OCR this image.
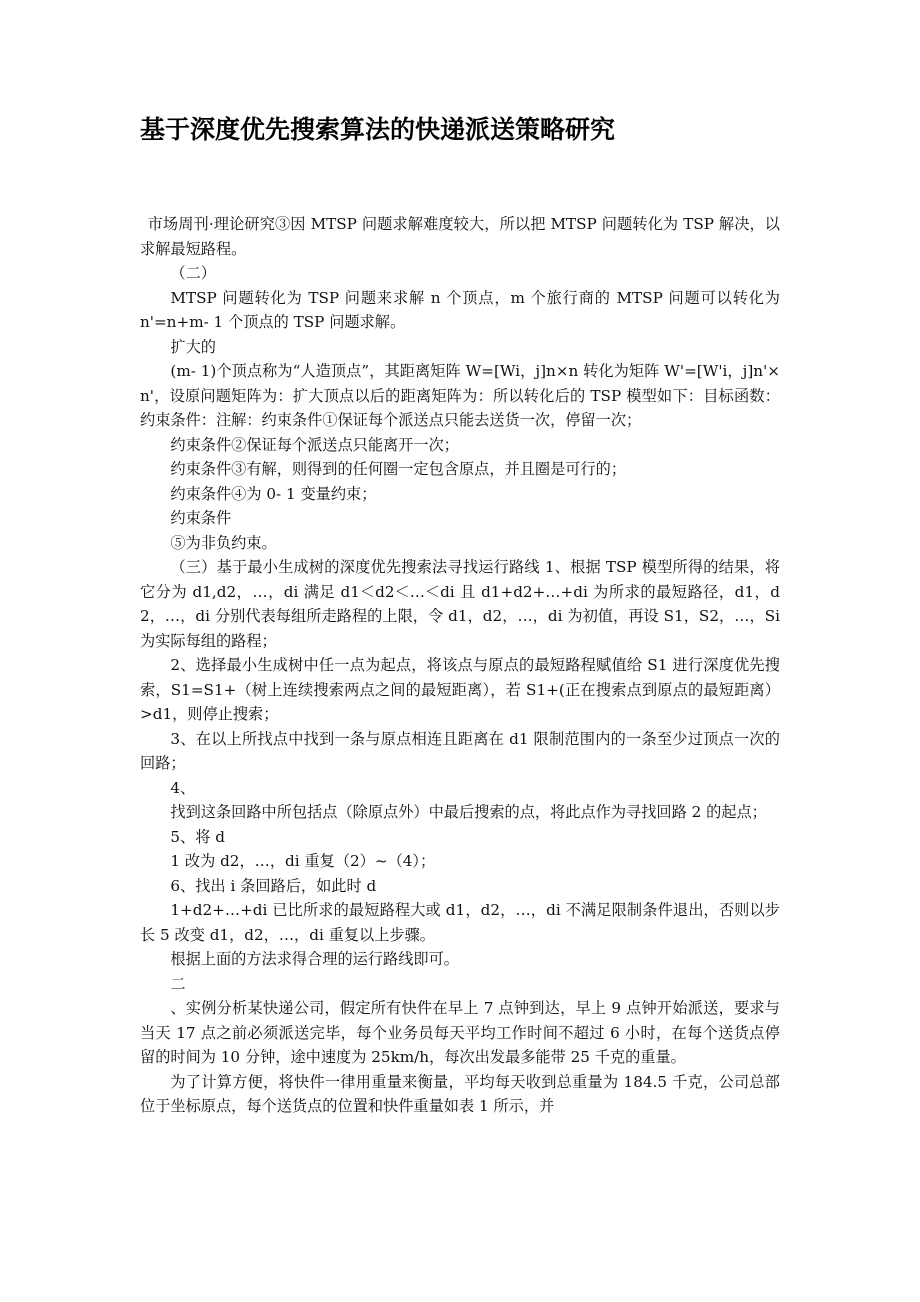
基于深度优先搜索算法的快递派送策略研究

市场周刊·理论研究③因 MTSP 问题求解难度较大，所以把 MTSP 问题转化为 TSP 解决，以求解最短路程。

（二）

MTSP 问题转化为 TSP 问题来求解 n 个顶点，m 个旅行商的 MTSP 问题可以转化为 n'=n+m- 1 个顶点的 TSP 问题求解。

扩大的

(m- 1)个顶点称为“人造顶点”，其距离矩阵 W=[Wi，j]n×n 转化为矩阵 W'=[W'i，j]n'×n'，设原问题矩阵为：扩大顶点以后的距离矩阵为：所以转化后的 TSP 模型如下：目标函数：约束条件：注解：约束条件①保证每个派送点只能去送货一次，停留一次；

约束条件②保证每个派送点只能离开一次；

约束条件③有解，则得到的任何圈一定包含原点，并且圈是可行的；

约束条件④为 0- 1 变量约束；

约束条件

⑤为非负约束。

（三）基于最小生成树的深度优先搜索法寻找运行路线 1、根据 TSP 模型所得的结果，将它分为 d1,d2，…，di 满足 d1＜d2＜…＜di 且 d1+d2+…+di 为所求的最短路径，d1，d2，…，di 分别代表每组所走路程的上限，令 d1，d2，…，di 为初值，再设 S1，S2，…，Si 为实际每组的路程；

2、选择最小生成树中任一点为起点，将该点与原点的最短路程赋值给 S1 进行深度优先搜索，S1=S1+（树上连续搜索两点之间的最短距离），若 S1+(正在搜索点到原点的最短距离）>d1，则停止搜索；

3、在以上所找点中找到一条与原点相连且距离在 d1 限制范围内的一条至少过顶点一次的回路；

4、

找到这条回路中所包括点（除原点外）中最后搜索的点，将此点作为寻找回路 2 的起点；

5、将 d

1 改为 d2，…，di 重复（2）~（4）；

6、找出 i 条回路后，如此时 d

1+d2+…+di 已比所求的最短路程大或 d1，d2，…，di 不满足限制条件退出，否则以步长 5 改变 d1，d2，…，di 重复以上步骤。

根据上面的方法求得合理的运行路线即可。

二

、实例分析某快递公司，假定所有快件在早上 7 点钟到达，早上 9 点钟开始派送，要求与当天 17 点之前必须派送完毕，每个业务员每天平均工作时间不超过 6 小时，在每个送货点停留的时间为 10 分钟，途中速度为 25km/h，每次出发最多能带 25 千克的重量。

为了计算方便，将快件一律用重量来衡量，平均每天收到总重量为 184.5 千克，公司总部位于坐标原点，每个送货点的位置和快件重量如表 1 所示，并
